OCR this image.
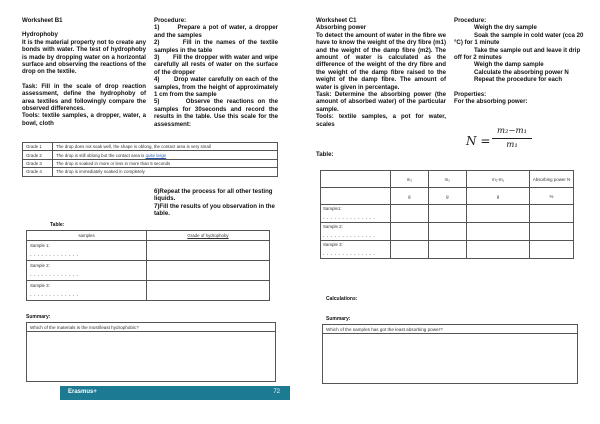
Worksheet B1
Hydrophoby
It is the material property not to create any bonds with water. The test of hydrophoby is made by dropping water on a horizontal surface and observing the reactions of the drop on the textile.
Task: Fill in the scale of drop reaction assessment, define the hydrophoby of area textiles and followingly compare the observed differences.
Tools: textile samples, a dropper, water, a bowl, cloth
Procedure:
1)       Prepare a pot of water, a dropper and the samples
2)       Fill in the names of the textile samples in the table
3)       Fill the dropper with water and wipe carefully all rests of water on the surface of the dropper
4)       Drop water carefully on each of the samples, from the height of approximately 1 cm from the sample
5)       Observe the reactions on the samples for 30seconds and record the results in the table. Use this scale for the assessment:
Grade 1	The drop does not soak well, the shape is oblong, the contact area is very small
Grade 2	The drop is still oblong but the contact area is quite large
Grade 3	The drop is soaked in more or less in more than 5 seconds
Grade 4	The drop is immediately soaked in completely
6)Repeat the process for all other testing liquids.
7)Fill the results of you observation in the table.
Table:
samples	Grade of hydrophoby
Sample 1:
- - - - - - - - - - - - -	

Sample 2:
- - - - - - - - - - - - -	

Sample 3:
- - - - - - - - - - - - -	

Summary:
Which of the materials is the most/least hydrophobic?
Erasmus+	72
Worksheet C1
Absorbing power
To detect the amount of water in the fibre we have to know the weight of the dry fibre (m1) and the weight of the damp fibre (m2). The amount of water is calculated as the difference of the weight of the dry fibre and the weight of the damp fibre raised to the weight of the damp fibre. The amount of water is given in percentage.
Task: Determine the absorbing power (the amount of absorbed water) of the particular sample.
Tools: textile samples, a pot for water, scales
Procedure:
Weigh the dry sample
Soak the sample in cold water (cca 20 °C) for 1 minute
Take the sample out and leave it drip off for 2 minutes
Weigh the damp sample
Calculate the absorbing power N
Repeat the procedure for each
Properties:
For the absorbing power:
$N = \frac{\text{m₂−m₁}}{\text{m₁}}$
Table:
	m₁	m₂	m₂-m₁	Absorbing power N
	g	g	g	%
Sample1:
- - - - - - - - - - - - - -				

Sample 2:
- - - - - - - - - - - - - -				

Sample 3:
- - - - - - - - - - - - - -				

Calculations:
Summary:
Which of the samples has got the least absorbing power?
